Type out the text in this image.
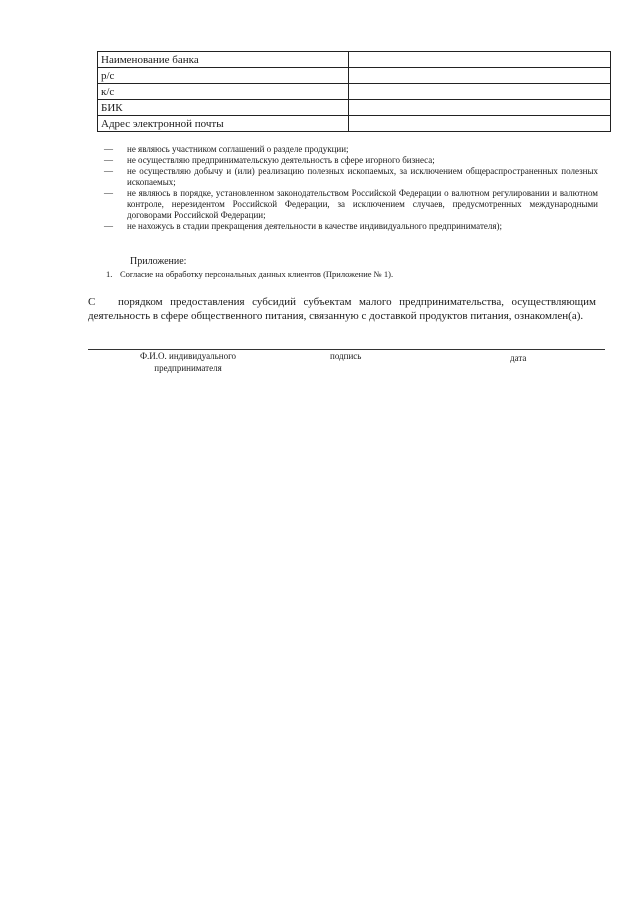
Наименование банка	
р/с	
к/с	
БИК	
Адрес электронной почты	
— не являюсь участником соглашений о разделе продукции;
— не осуществляю предпринимательскую деятельность в сфере игорного бизнеса;
— не осуществляю добычу и (или) реализацию полезных ископаемых, за исключением общераспространенных полезных ископаемых;
— не являюсь в порядке, установленном законодательством Российской Федерации о валютном регулировании и валютном контроле, нерезидентом Российской Федерации, за исключением случаев, предусмотренных международными договорами Российской Федерации;
— не нахожусь в стадии прекращения деятельности в качестве индивидуального предпринимателя);

Приложение:

1. Согласие на обработку персональных данных клиентов (Приложение № 1).

С порядком предоставления субсидий субъектам малого предпринимательства, осуществляющим деятельность в сфере общественного питания, связанную с доставкой продуктов питания, ознакомлен(а).

Ф.И.О. индивидуального предпринимателя
подпись	дата
